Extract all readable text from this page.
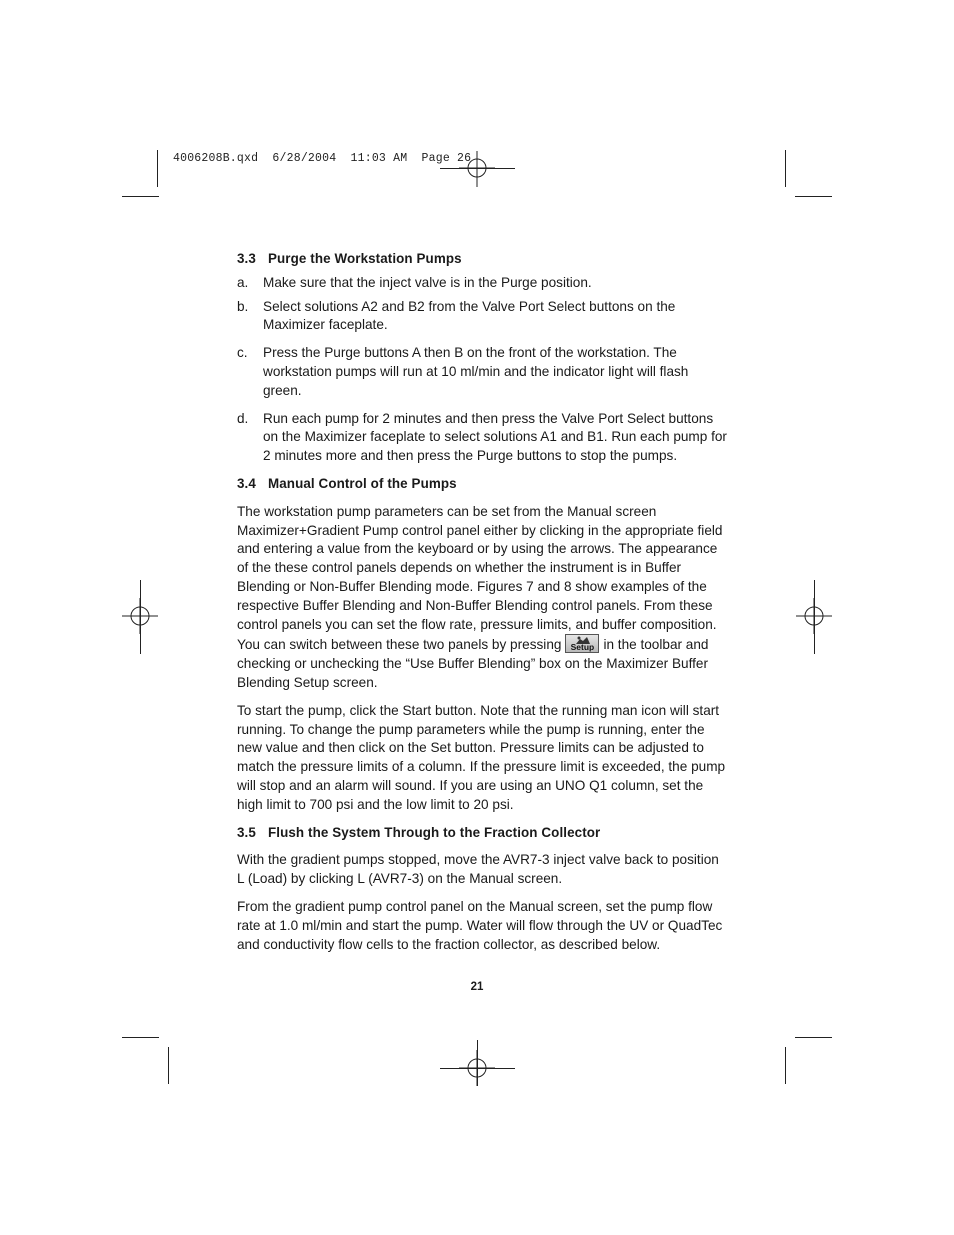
4006208B.qxd  6/28/2004  11:03 AM  Page 26
3.3 Purge the Workstation Pumps
a.	Make sure that the inject valve is in the Purge position.
b.	Select solutions A2 and B2 from the Valve Port Select buttons on the Maximizer faceplate.
c.	Press the Purge buttons A then B on the front of the workstation. The workstation pumps will run at 10 ml/min and the indicator light will flash green.
d.	Run each pump for 2 minutes and then press the Valve Port Select buttons on the Maximizer faceplate to select solutions A1 and B1. Run each pump for 2 minutes more and then press the Purge buttons to stop the pumps.
3.4 Manual Control of the Pumps
The workstation pump parameters can be set from the Manual screen Maximizer+Gradient Pump control panel either by clicking in the appropriate field and entering a value from the keyboard or by using the arrows. The appearance of the these control panels depends on whether the instrument is in Buffer Blending or Non-Buffer Blending mode. Figures 7 and 8 show examples of the respective Buffer Blending and Non-Buffer Blending control panels. From these control panels you can set the flow rate, pressure limits, and buffer composition. You can switch between these two panels by pressing Setup in the toolbar and checking or unchecking the “Use Buffer Blending” box on the Maximizer Buffer Blending Setup screen.
To start the pump, click the Start button. Note that the running man icon will start running. To change the pump parameters while the pump is running, enter the new value and then click on the Set button. Pressure limits can be adjusted to match the pressure limits of a column. If the pressure limit is exceeded, the pump will stop and an alarm will sound. If you are using an UNO Q1 column, set the high limit to 700 psi and the low limit to 20 psi.
3.5 Flush the System Through to the Fraction Collector
With the gradient pumps stopped, move the AVR7-3 inject valve back to position L (Load) by clicking L (AVR7-3) on the Manual screen.
From the gradient pump control panel on the Manual screen, set the pump flow rate at 1.0 ml/min and start the pump. Water will flow through the UV or QuadTec and conductivity flow cells to the fraction collector, as described below.
21
